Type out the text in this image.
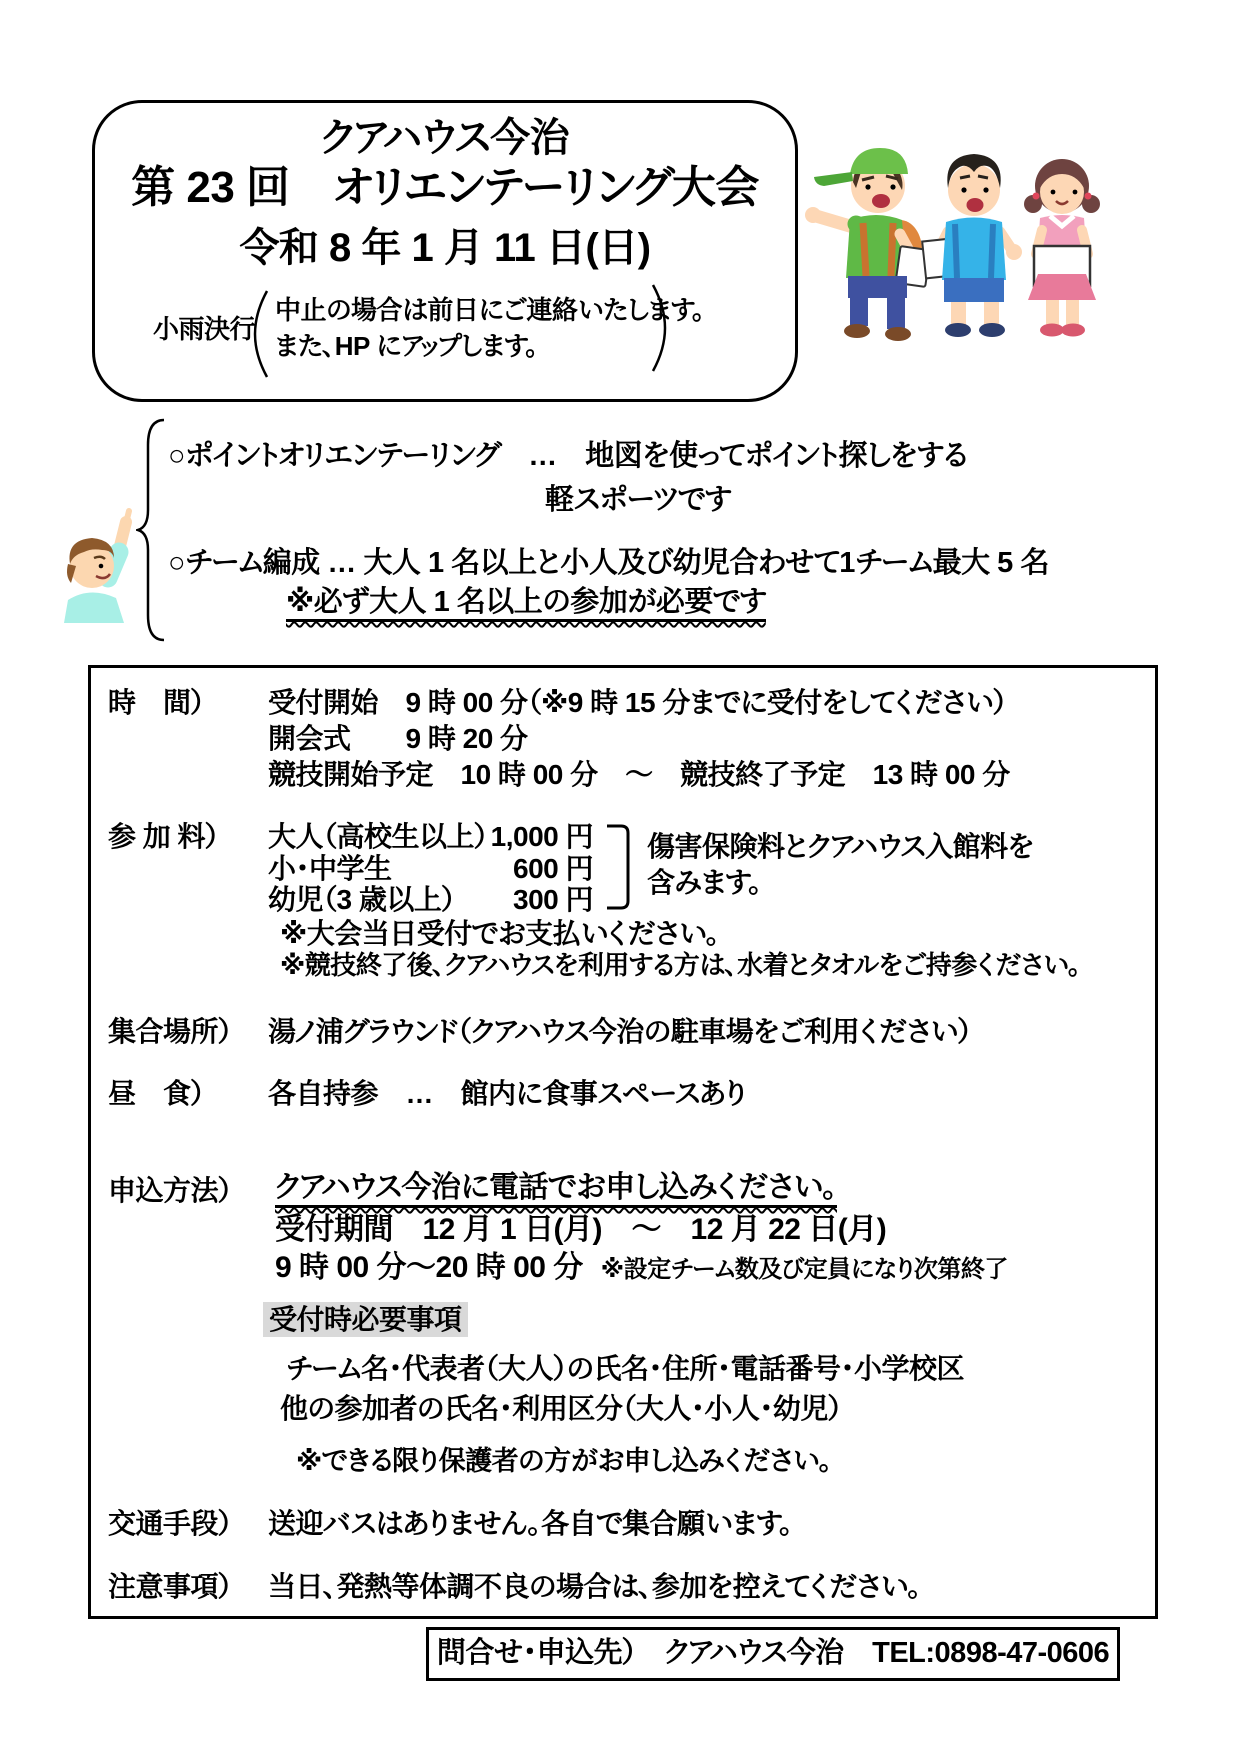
クアハウス今治
第 23 回　オリエンテーリング大会
令和 8 年 1 月 11 日(日)
小雨決行
中止の場合は前日にご連絡いたします。
また、HP にアップします。
○ポイントオリエンテーリング　…　地図を使ってポイント探しをする
軽スポーツです
○チーム編成 … 大人 1 名以上と小人及び幼児合わせて1チーム最大 5 名
※必ず大人 1 名以上の参加が必要です
時　間） 受付開始　9 時 00 分（※9 時 15 分までに受付をしてください）
開会式　　9 時 20 分
競技開始予定　10 時 00 分　～　競技終了予定　13 時 00 分
参 加 料） 大人（高校生以上） 1,000 円
小・中学生	600 円
幼児（3 歳以上）	300 円
傷害保険料とクアハウス入館料を
含みます。
※大会当日受付でお支払いください。
※競技終了後、クアハウスを利用する方は、水着とタオルをご持参ください。
集合場所） 湯ノ浦グラウンド（クアハウス今治の駐車場をご利用ください）
昼　食） 各自持参　…　館内に食事スペースあり
申込方法） クアハウス今治に電話でお申し込みください。
受付期間　12 月 1 日(月)　～　12 月 22 日(月)
9 時 00 分～20 時 00 分 ※設定チーム数及び定員になり次第終了
受付時必要事項
チーム名・代表者（大人）の氏名・住所・電話番号・小学校区
他の参加者の氏名・利用区分（大人・小人・幼児）
※できる限り保護者の方がお申し込みください。
交通手段） 送迎バスはありません。各自で集合願います。
注意事項） 当日、発熱等体調不良の場合は、参加を控えてください。
問合せ・申込先）　クアハウス今治　TEL:0898-47-0606
